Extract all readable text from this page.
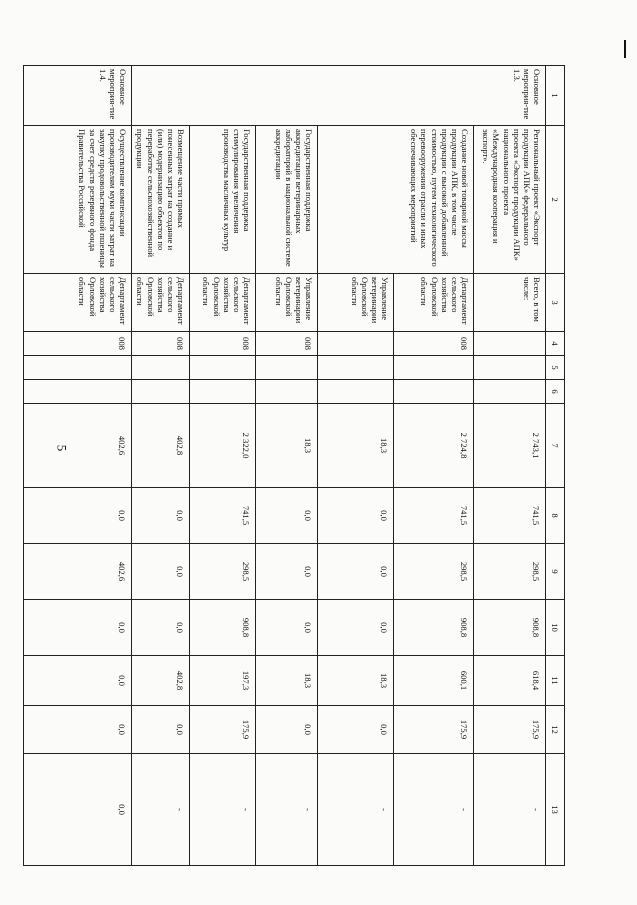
5
1	2	3	4	5	6	7	8	9	10	11	12	13
Основное мероприя-тие 1.3.	Региональный проект «Экспорт продукции АПК» федерального проекта «Экспорт продукции АПК» национального проекта «Международная кооперация и экспорт».	Всего, в том числе:				2 743,1	741,5	298,5	908,8	618,4	175,9	-
	Создание новой товарной массы продукции АПК, в том числе продукции с высокой добавленной стоимостью, путем технологического перевооружения отрасли и иных обеспечивающих мероприятий	Департамент сельского хозяйства Орловской области	008			2 724,8	741,5	298,5	908,8	600,1	175,9	-
		Управление ветеринарии Орловской области				18,3	0,0	0,0	0,0	18,3	0,0	-
	Государственная поддержка аккредитации ветеринарных лабораторий в национальной системе аккредитации	Управление ветеринарии Орловской области	008			18,3	0,0	0,0	0,0	18,3	0,0	-
	Государственная поддержка стимулирования увеличения производства масличных культур	Департамент сельского хозяйства Орловской области	008			2 322,0	741,5	298,5	908,8	197,3	175,9	-
	Возмещение части прямых понесенных затрат на создание и (или) модернизацию объектов по переработке сельскохозяйственной продукции	Департамент сельского хозяйства Орловской области	008			402,8	0,0	0,0	0,0	402,8	0,0	-
Основное мероприя-тие 1.4.	Осуществление компенсации производителям муки части затрат на закупку продовольственной пшеницы за счет средств резервного фонда Правительства Российской	Департамент сельского хозяйства Орловской области	008			402,6	0,0	402,6	0,0	0,0	0,0	0,0
